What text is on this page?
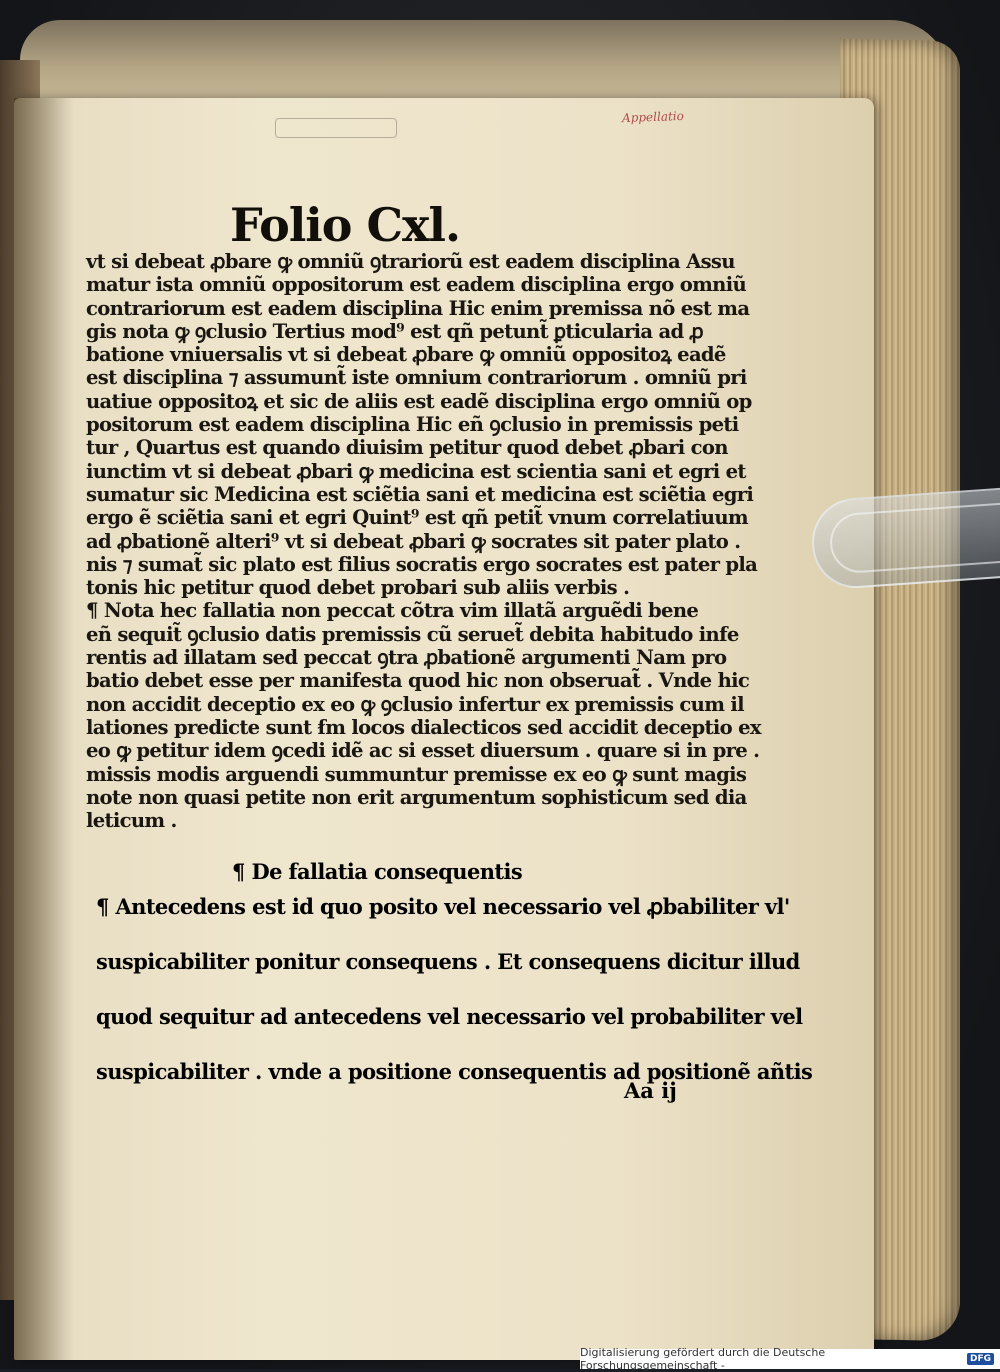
Appellatio
Folio Cxl.
vt si debeat ꝓbare ꝙ omniũ ꝯtrariorũ est eadem disciplina Assu
matur ista omniũ oppositorum est eadem disciplina ergo omniũ
contrariorum est eadem disciplina Hic enim premissa nõ est ma
gis nota ꝙ ꝯclusio Tertius mod⁹ est qñ petunt̃ ꝑticularia ad ꝓ
batione vniuersalis vt si debeat ꝓbare ꝙ omniũ oppositoꝝ eadẽ
est disciplina ⁊ assumunt̃ iste omnium contrariorum . omniũ pri
uatiue oppositoꝝ et sic de aliis est eadẽ disciplina ergo omniũ op
positorum est eadem disciplina Hic eñ ꝯclusio in premissis peti
tur , Quartus est quando diuisim petitur quod debet ꝓbari con
iunctim vt si debeat ꝓbari ꝙ medicina est scientia sani et egri et
sumatur sic Medicina est sciẽtia sani et medicina est sciẽtia egri
ergo ẽ sciẽtia sani et egri Quint⁹ est qñ petit̃ vnum correlatiuum
ad ꝓbationẽ alteri⁹ vt si debeat ꝓbari ꝙ socrates sit pater plato .
nis ⁊ sumat̃ sic plato est filius socratis ergo socrates est pater pla
tonis hic petitur quod debet probari sub aliis verbis .
¶ Nota hec fallatia non peccat cõtra vim illatã arguẽdi bene
eñ sequit̃ ꝯclusio datis premissis cũ seruet̃ debita habitudo infe
rentis ad illatam sed peccat ꝯtra ꝓbationẽ argumenti Nam pro
batio debet esse per manifesta quod hic non obseruat̃ . Vnde hic
non accidit deceptio ex eo ꝙ ꝯclusio infertur ex premissis cum il
lationes predicte sunt ẜm locos dialecticos sed accidit deceptio ex
eo ꝙ petitur idem ꝯcedi idẽ ac si esset diuersum . quare si in pre .
missis modis arguendi summuntur premisse ex eo ꝙ sunt magis
note non quasi petite non erit argumentum sophisticum sed dia
leticum .
¶ De fallatia consequentis
¶ Antecedens est id quo posito vel necessario vel ꝓbabiliter vl'
suspicabiliter ponitur consequens . Et consequens dicitur illud
quod sequitur ad antecedens vel necessario vel probabiliter vel
suspicabiliter . vnde a positione consequentis ad positionẽ añtis
Aa ij
Digitalisierung gefördert durch die Deutsche Forschungsgemeinschaft -	DFG
